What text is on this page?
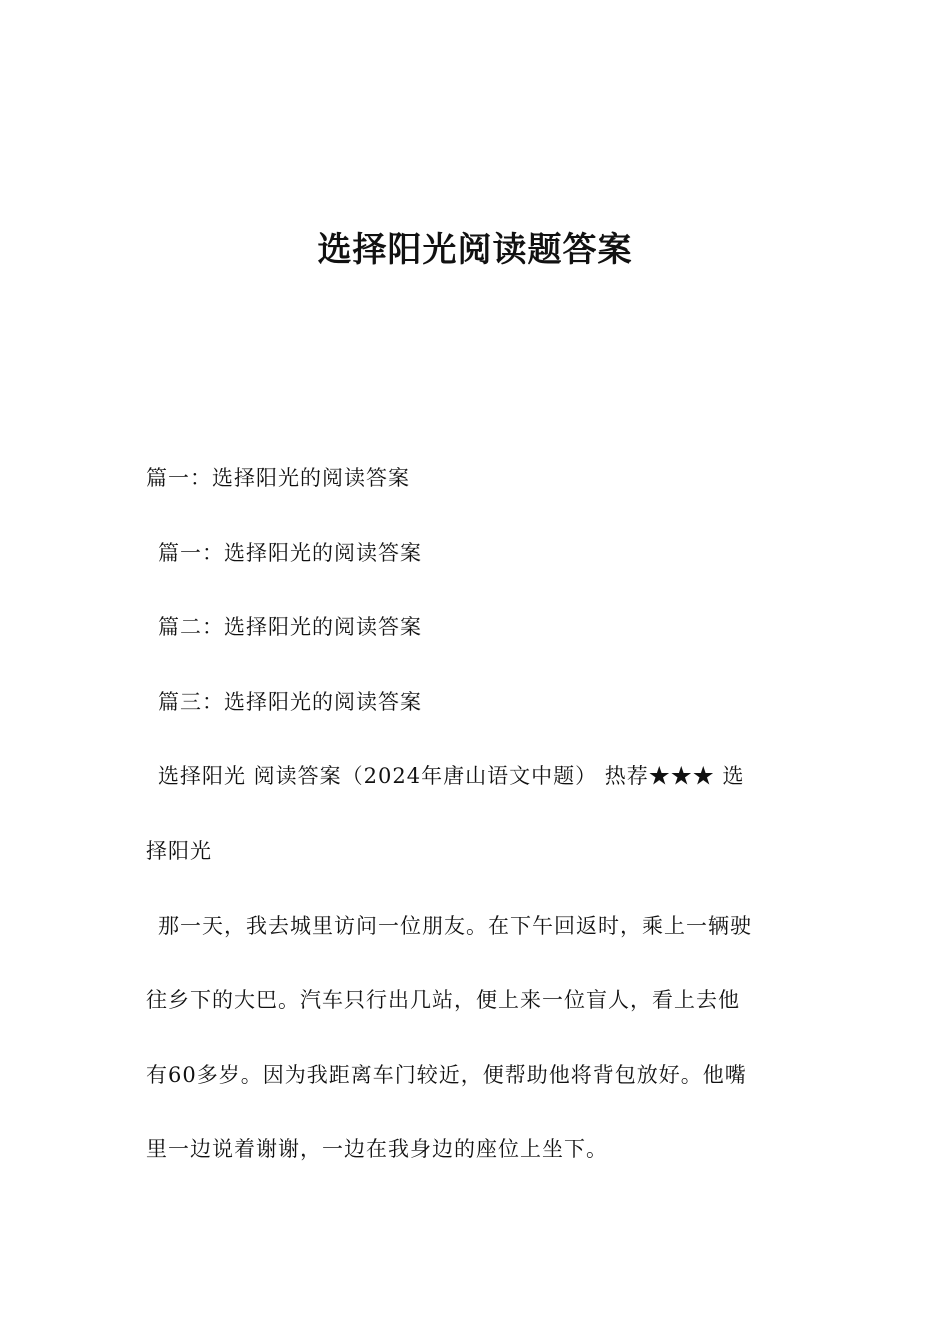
选择阳光阅读题答案
篇一：选择阳光的阅读答案
篇一：选择阳光的阅读答案
篇二：选择阳光的阅读答案
篇三：选择阳光的阅读答案
选择阳光 阅读答案（2024年唐山语文中题） 热荐★★★ 选
择阳光
那一天，我去城里访问一位朋友。在下午回返时，乘上一辆驶
往乡下的大巴。汽车只行出几站，便上来一位盲人，看上去他
有60多岁。因为我距离车门较近，便帮助他将背包放好。他嘴
里一边说着谢谢，一边在我身边的座位上坐下。
